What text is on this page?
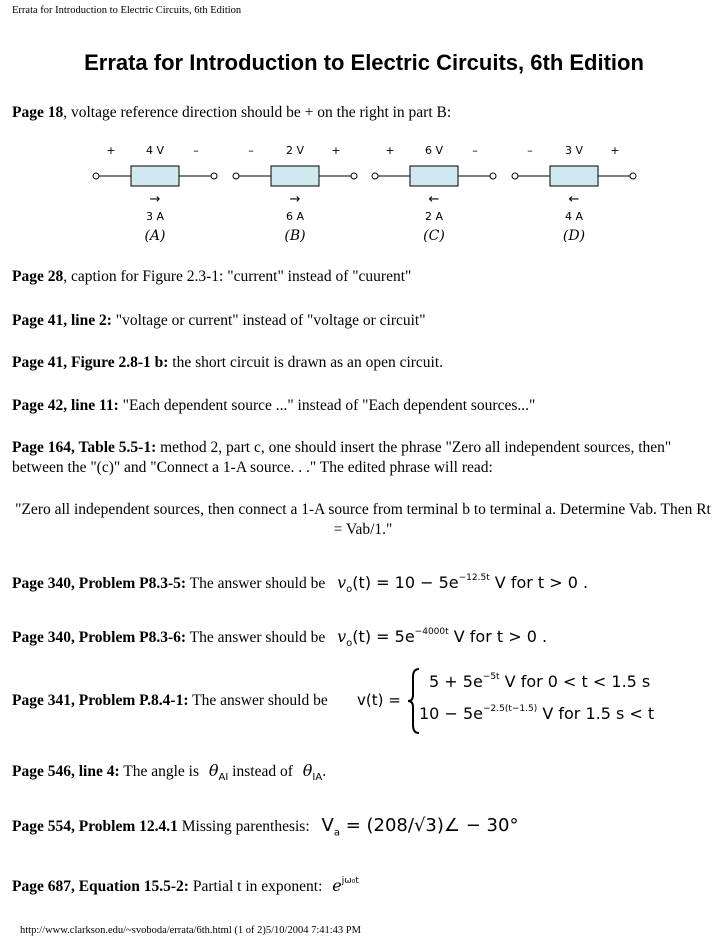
Errata for Introduction to Electric Circuits, 6th Edition
Errata for Introduction to Electric Circuits, 6th Edition
Page 18, voltage reference direction should be + on the right in part B:
+	4 V	–
→
3 A
(A)
–	2 V +
→
6 A
(B)
+	6 V	–
←
2 A
(C)
–	3 V +
←
4 A
(D)
Page 28, caption for Figure 2.3-1: "current" instead of "cuurent"
Page 41, line 2: "voltage or current" instead of "voltage or circuit"
Page 41, Figure 2.8-1 b: the short circuit is drawn as an open circuit.
Page 42, line 11: "Each dependent source ..." instead of "Each dependent sources..."
Page 164, Table 5.5-1: method 2, part c, one should insert the phrase "Zero all independent sources, then" between the "(c)" and "Connect a 1-A source. . ." The edited phrase will read:
"Zero all independent sources, then connect a 1-A source from terminal b to terminal a. Determine Vab. Then Rt = Vab/1."
Page 340, Problem P8.3-5: The answer should be $v_o(t) = 10 - 5e^{-12.5t}$ V for t > 0 .
Page 340, Problem P8.3-6: The answer should be $v_o(t) = 5e^{-4000t}$ V for t > 0 .
Page 341, Problem P.8.4-1: The answer should be v(t) =
$5 + 5e^{-5t}$ V for 0 < t < 1.5 s
$10 - 5e^{-2.5(t-1.5)}$ V for 1.5 s < t
Page 546, line 4: The angle is $\theta_{AI}$ instead of $\theta_{IA}$.
Page 554, Problem 12.4.1 Missing parenthesis: $V_a$ = (208/√3)∠ − 30°
Page 687, Equation 15.5-2: Partial t in exponent: $e^{j\omega_0t}$
http://www.clarkson.edu/~svoboda/errata/6th.html (1 of 2)5/10/2004 7:41:43 PM
